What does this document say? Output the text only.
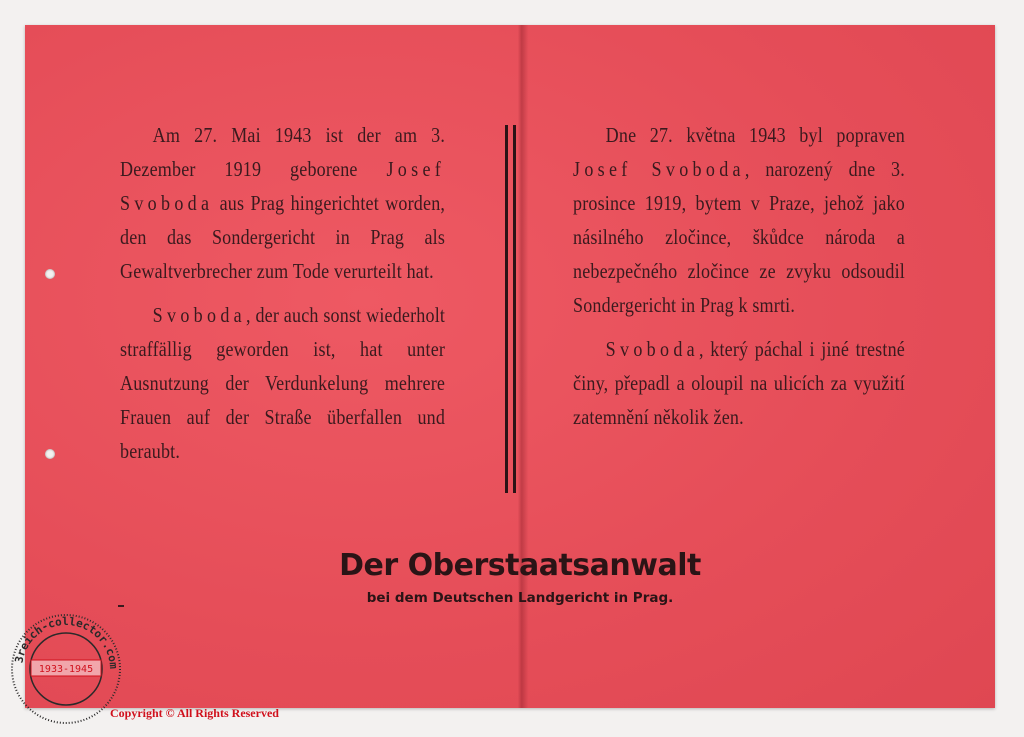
Am 27. Mai 1943 ist der am 3. Dezember 1919 geborene Josef Svoboda aus Prag hingerichtet worden, den das Sondergericht in Prag als Gewaltverbrecher zum Tode verurteilt hat.

Svoboda, der auch sonst wiederholt straffällig geworden ist, hat unter Ausnutzung der Verdunkelung mehrere Frauen auf der Straße überfallen und beraubt.

Dne 27. května 1943 byl popraven Josef Svoboda, narozený dne 3. prosince 1919, bytem v Praze, jehož jako násilného zločince, škůdce národa a nebezpečného zločince ze zvyku odsoudil Sondergericht in Prag k smrti.

Svoboda, který páchal i jiné trestné činy, přepadl a oloupil na ulicích za využití zatemnění několik žen.

Der Oberstaatsanwalt
bei dem Deutschen Landgericht in Prag.
3reich-collector.com
1933-1945
Copyright © All Rights Reserved
